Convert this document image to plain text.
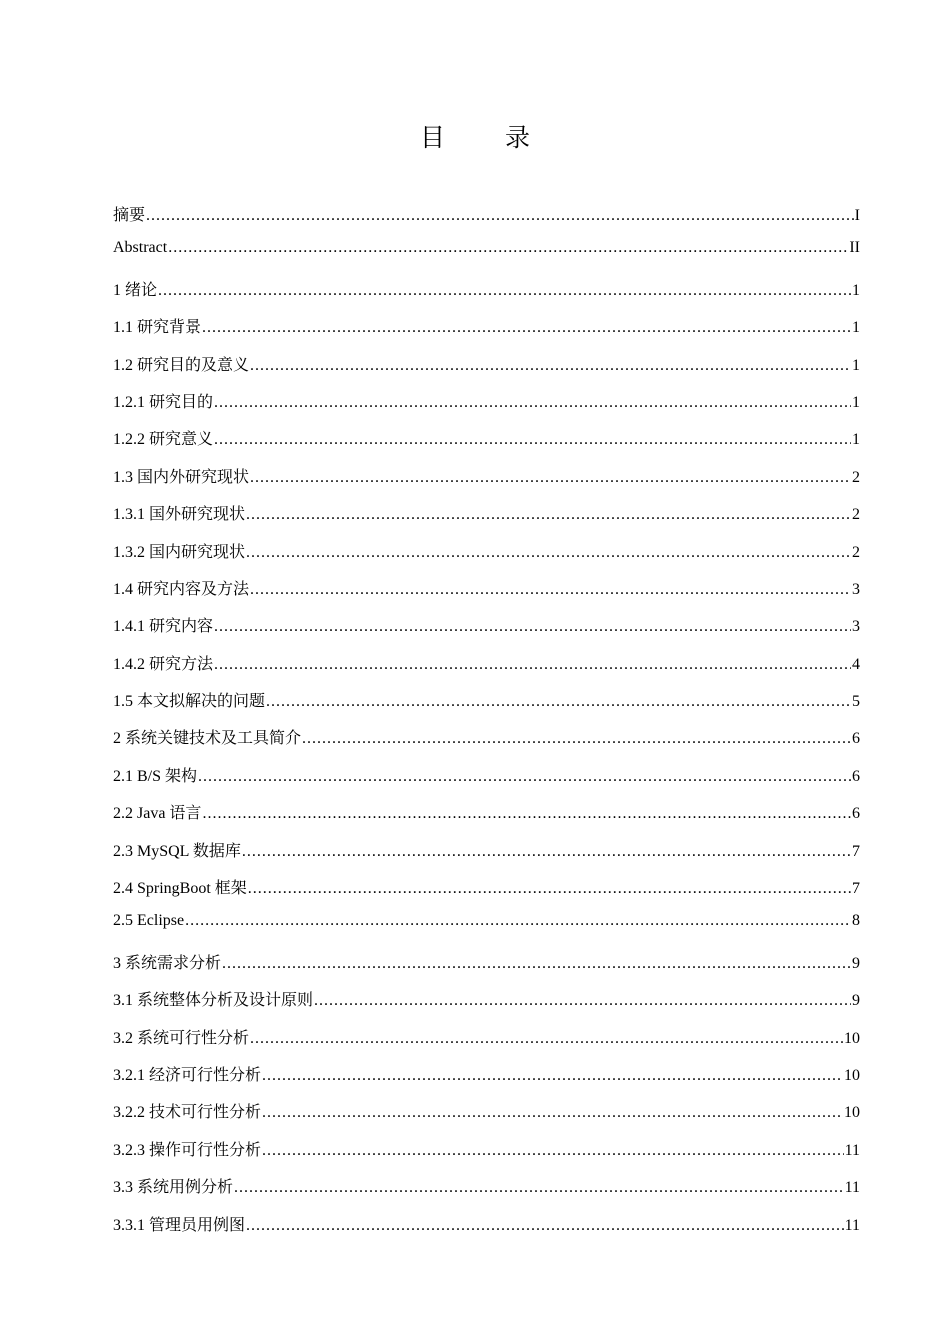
目 录
摘要 .....	I
Abstract .....	II
1 绪论 .....	1
1.1 研究背景 .....	1
1.2 研究目的及意义 .....	1
1.2.1 研究目的 .....	1
1.2.2 研究意义 .....	1
1.3 国内外研究现状 .....	2
1.3.1 国外研究现状 .....	2
1.3.2 国内研究现状 .....	2
1.4 研究内容及方法 .....	3
1.4.1 研究内容 .....	3
1.4.2 研究方法 .....	4
1.5 本文拟解决的问题 .....	5
2 系统关键技术及工具简介 .....	6
2.1 B/S 架构 .....	6
2.2 Java 语言 .....	6
2.3 MySQL 数据库 .....	7
2.4 SpringBoot 框架 .....	7
2.5 Eclipse .....	8
3 系统需求分析 .....	9
3.1 系统整体分析及设计原则 .....	9
3.2 系统可行性分析 .....	10
3.2.1 经济可行性分析 .....	10
3.2.2 技术可行性分析 .....	10
3.2.3 操作可行性分析 .....	11
3.3 系统用例分析 .....	11
3.3.1 管理员用例图 .....	11
